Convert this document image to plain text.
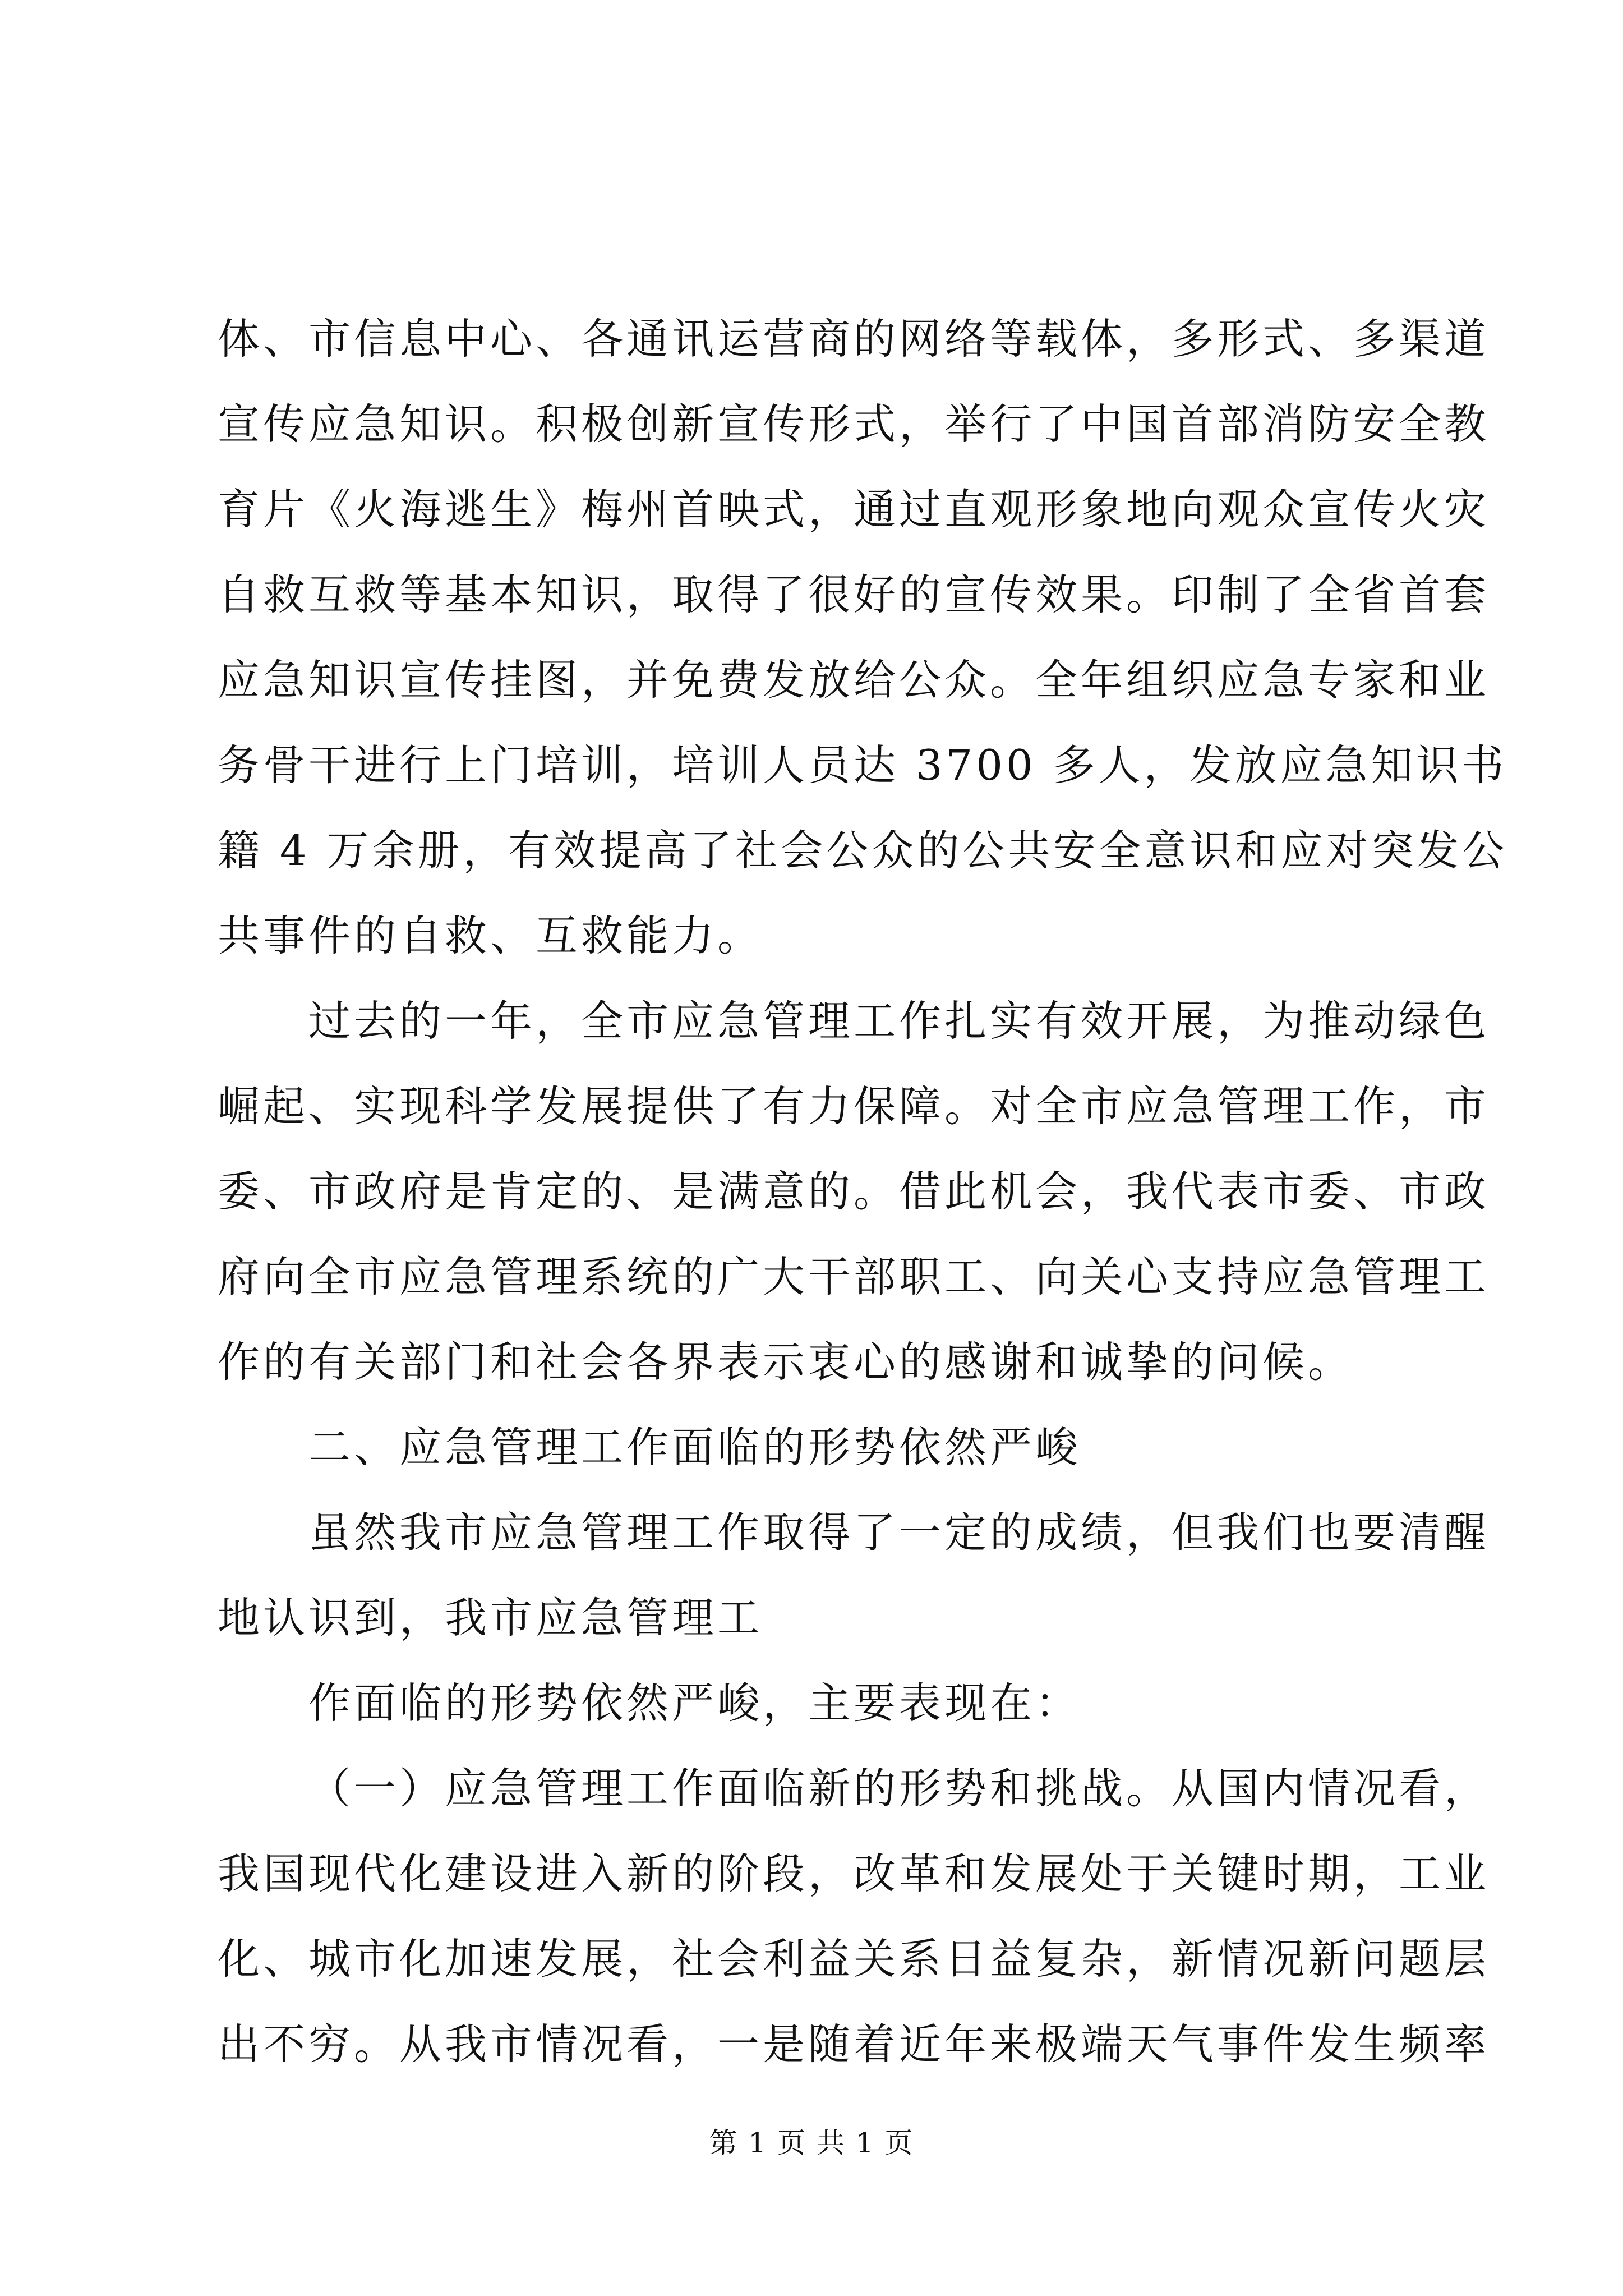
体、市信息中心、各通讯运营商的网络等载体，多形式、多渠道
宣传应急知识。积极创新宣传形式，举行了中国首部消防安全教
育片《火海逃生》梅州首映式，通过直观形象地向观众宣传火灾
自救互救等基本知识，取得了很好的宣传效果。印制了全省首套
应急知识宣传挂图，并免费发放给公众。全年组织应急专家和业
务骨干进行上门培训，培训人员达 3700 多人，发放应急知识书
籍 4 万余册，有效提高了社会公众的公共安全意识和应对突发公
共事件的自救、互救能力。
过去的一年，全市应急管理工作扎实有效开展，为推动绿色
崛起、实现科学发展提供了有力保障。对全市应急管理工作，市
委、市政府是肯定的、是满意的。借此机会，我代表市委、市政
府向全市应急管理系统的广大干部职工、向关心支持应急管理工
作的有关部门和社会各界表示衷心的感谢和诚挚的问候。
二、应急管理工作面临的形势依然严峻
虽然我市应急管理工作取得了一定的成绩，但我们也要清醒
地认识到，我市应急管理工
作面临的形势依然严峻，主要表现在：
（一）应急管理工作面临新的形势和挑战。从国内情况看，
我国现代化建设进入新的阶段，改革和发展处于关键时期，工业
化、城市化加速发展，社会利益关系日益复杂，新情况新问题层
出不穷。从我市情况看，一是随着近年来极端天气事件发生频率
第 1 页 共 1 页
